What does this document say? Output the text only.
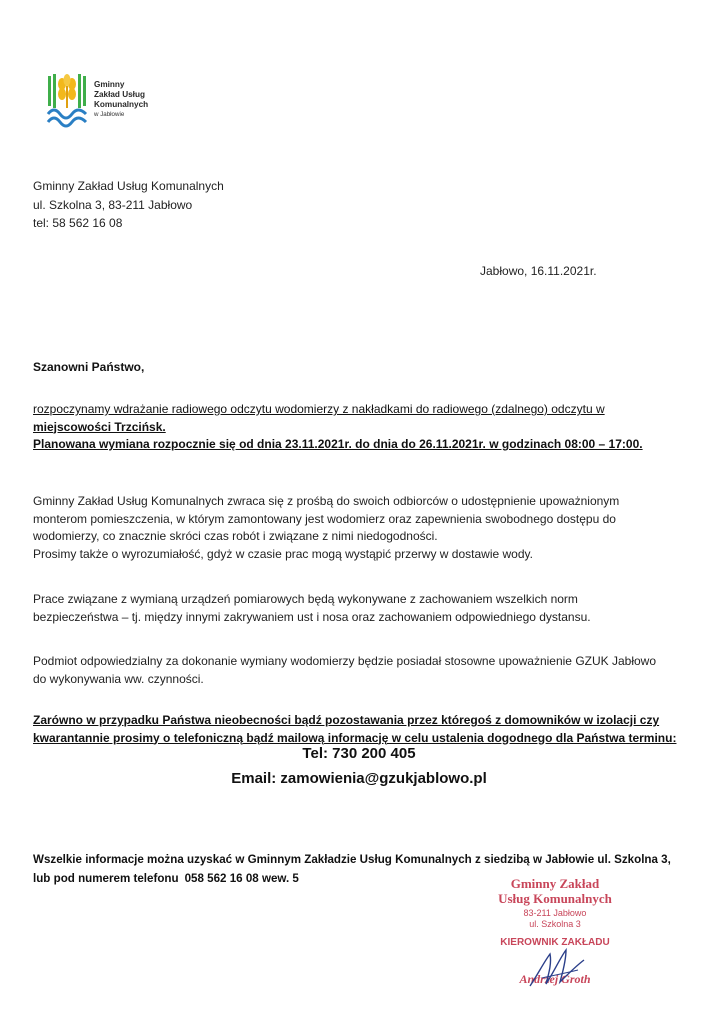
Gminny
Zakład Usług
Komunalnych
w Jabłowie
Gminny Zakład Usług Komunalnych
ul. Szkolna 3, 83-211 Jabłowo
tel: 58 562 16 08
Jabłowo, 16.11.2021r.
Szanowni Państwo,
rozpoczynamy wdrażanie radiowego odczytu wodomierzy z nakładkami do radiowego (zdalnego) odczytu w
miejscowości Trzcińsk.
Planowana wymiana rozpocznie się od dnia 23.11.2021r. do dnia do 26.11.2021r. w godzinach 08:00 – 17:00.
Gminny Zakład Usług Komunalnych zwraca się z prośbą do swoich odbiorców o udostępnienie upoważnionym
monterom pomieszczenia, w którym zamontowany jest wodomierz oraz zapewnienia swobodnego dostępu do
wodomierzy, co znacznie skróci czas robót i związane z nimi niedogodności.
Prosimy także o wyrozumiałość, gdyż w czasie prac mogą wystąpić przerwy w dostawie wody.
Prace związane z wymianą urządzeń pomiarowych będą wykonywane z zachowaniem wszelkich norm
bezpieczeństwa – tj. między innymi zakrywaniem ust i nosa oraz zachowaniem odpowiedniego dystansu.
Podmiot odpowiedzialny za dokonanie wymiany wodomierzy będzie posiadał stosowne upoważnienie GZUK Jabłowo
do wykonywania ww. czynności.
Zarówno w przypadku Państwa nieobecności bądź pozostawania przez któregoś z domowników w izolacji czy
kwarantannie prosimy o telefoniczną bądź mailową informację w celu ustalenia dogodnego dla Państwa terminu:
Tel: 730 200 405
Email: zamowienia@gzukjablowo.pl
Wszelkie informacje można uzyskać w Gminnym Zakładzie Usług Komunalnych z siedzibą w Jabłowie ul. Szkolna 3,
lub pod numerem telefonu 058 562 16 08 wew. 5	Gminny Zakład
Usług Komunalnych
83-211 Jabłowo
ul. Szkolna 3
KIEROWNIK ZAKŁADU
Andrzej Groth
